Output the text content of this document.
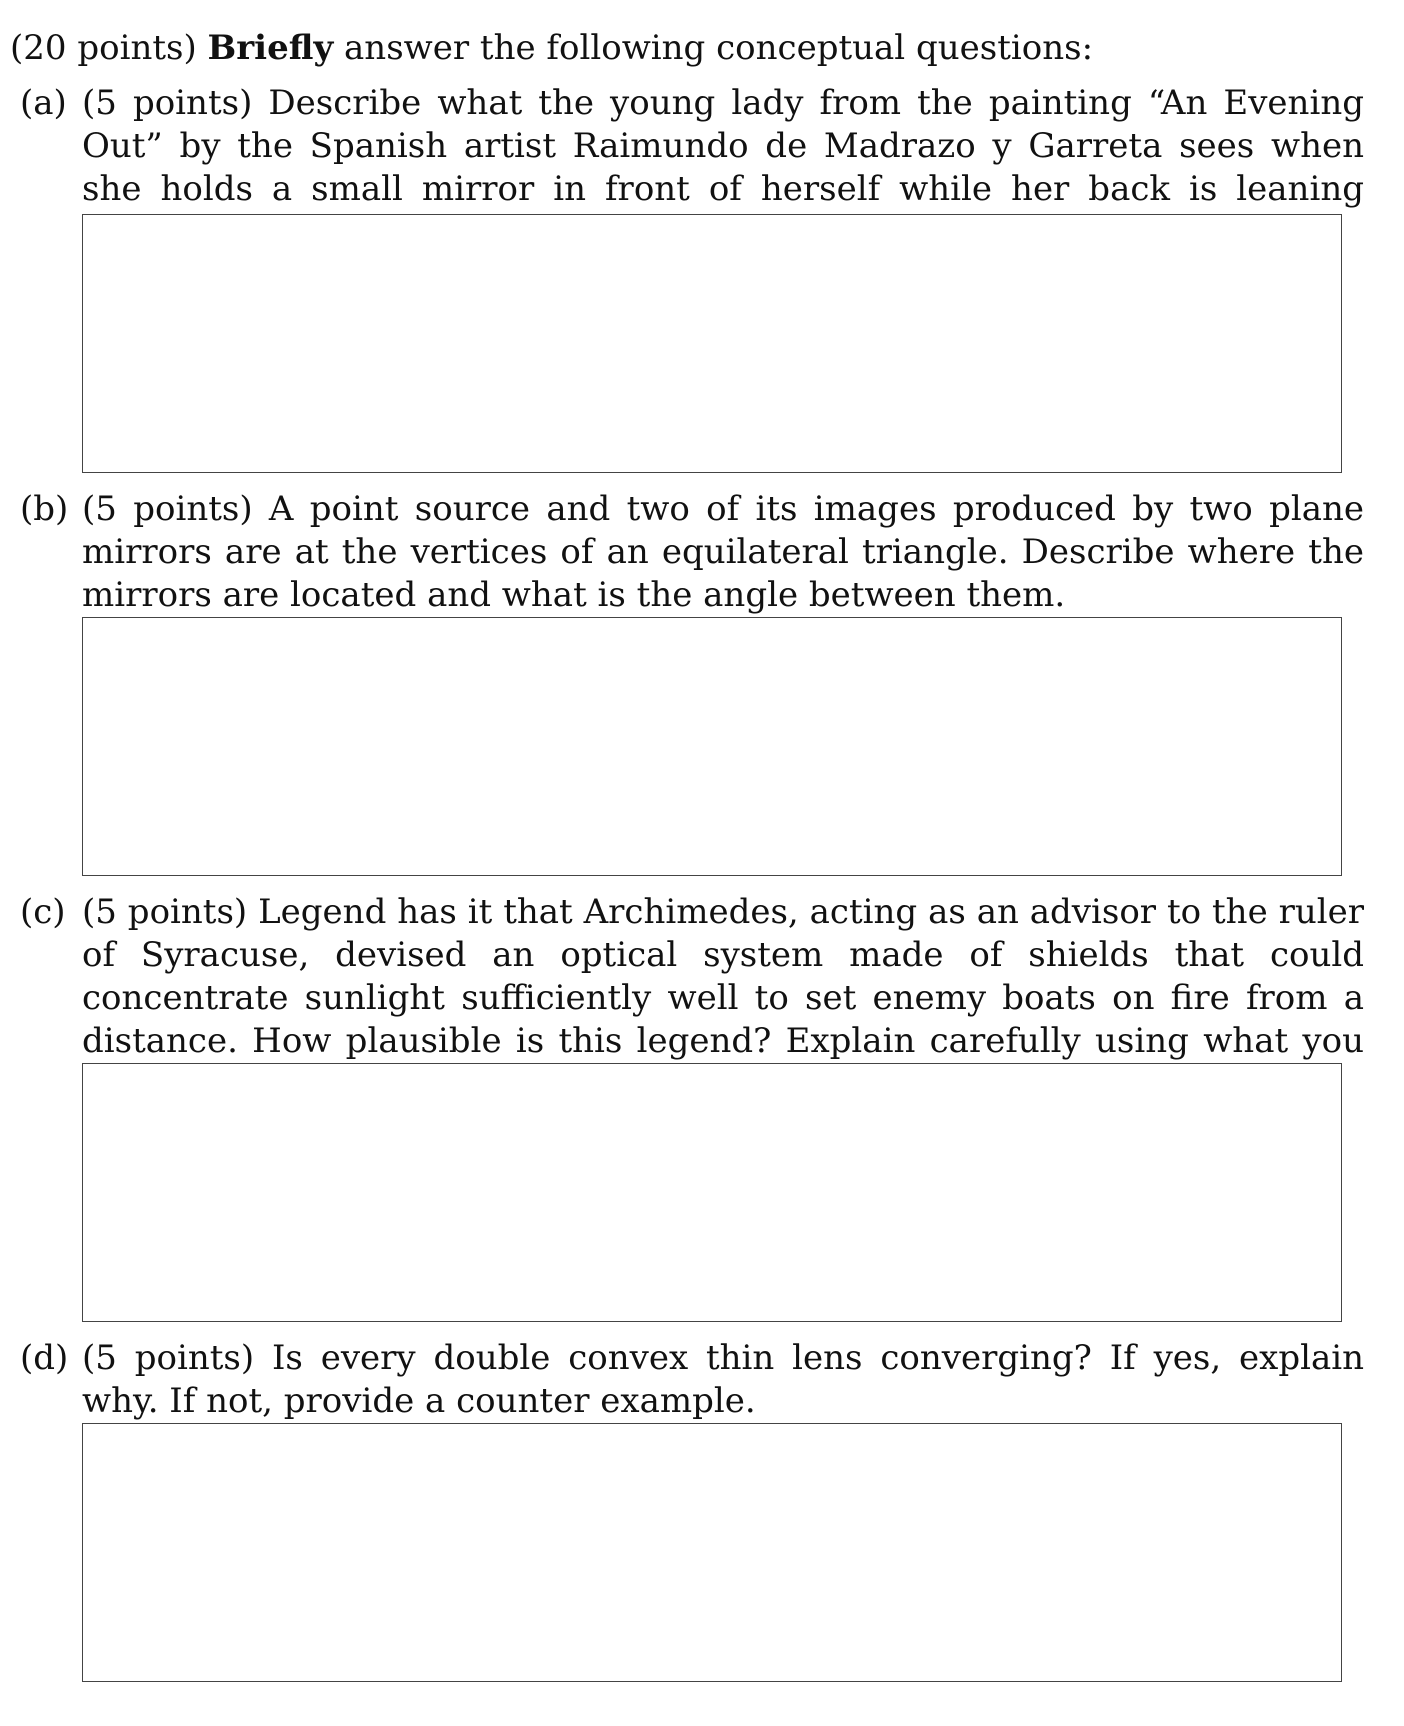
(20 points) Briefly answer the following conceptual questions:
(a) (5 points) Describe what the young lady from the painting “An Evening Out” by the Spanish artist Raimundo de Madrazo y Garreta sees when she holds a small mirror in front of herself while her back is leaning
(b) (5 points) A point source and two of its images produced by two plane mirrors are at the vertices of an equilateral triangle. Describe where the mirrors are located and what is the angle between them.
(c) (5 points) Legend has it that Archimedes, acting as an advisor to the ruler of Syracuse, devised an optical system made of shields that could concentrate sunlight sufficiently well to set enemy boats on fire from a distance. How plausible is this legend? Explain carefully using what you
(d) (5 points) Is every double convex thin lens converging? If yes, explain why. If not, provide a counter example.
